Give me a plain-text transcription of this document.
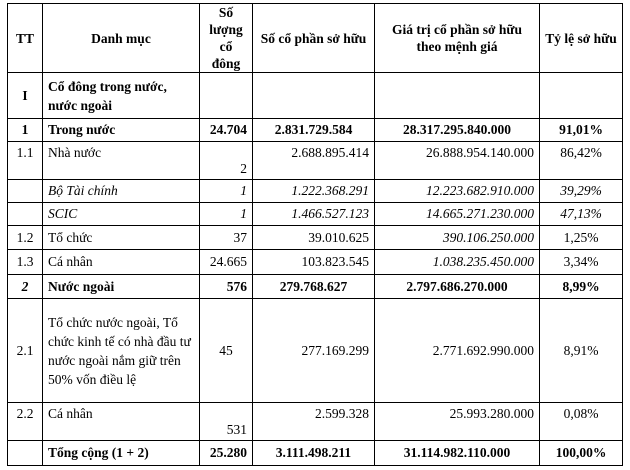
TT	Danh mục	Số lượng cổ đông	Số cổ phần sở hữu	Giá trị cổ phần sở hữu theo mệnh giá	Tỷ lệ sở hữu
I	Cổ đông trong nước, nước ngoài				
1	Trong nước	24.704	2.831.729.584	28.317.295.840.000	91,01%
1.1	Nhà nước	2	2.688.895.414	26.888.954.140.000	86,42%
	Bộ Tài chính	1	1.222.368.291	12.223.682.910.000	39,29%
	SCIC	1	1.466.527.123	14.665.271.230.000	47,13%
1.2	Tổ chức	37	39.010.625	390.106.250.000	1,25%
1.3	Cá nhân	24.665	103.823.545	1.038.235.450.000	3,34%
2	Nước ngoài	576	279.768.627	2.797.686.270.000	8,99%
2.1	Tổ chức nước ngoài, Tổ chức kinh tế có nhà đầu tư nước ngoài nắm giữ trên 50% vốn điều lệ	45	277.169.299	2.771.692.990.000	8,91%
2.2	Cá nhân	531	2.599.328	25.993.280.000	0,08%
	Tổng cộng (1 + 2)	25.280	3.111.498.211	31.114.982.110.000	100,00%
